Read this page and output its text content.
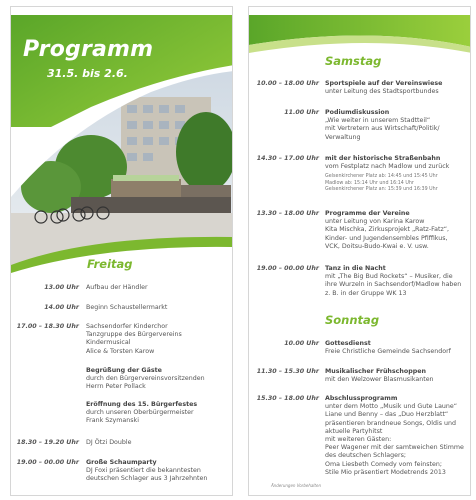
Programm
31.5. bis 2.6.
Freitag
13.00 Uhr Aufbau der Händler
14.00 Uhr Beginn Schaustellermarkt
17.00 – 18.30 Uhr Sachsendorfer Kinderchor
Tanzgruppe des Bürgervereins
Kindermusical
Alice & Torsten Karow
Begrüßung der Gäste
durch den Bürgervereinsvorsitzenden
Herrn Peter Pollack
Eröffnung des 15. Bürgerfestes
durch unseren Oberbürgermeister
Frank Szymanski
18.30 – 19.20 Uhr DJ Ötzi Double
19.00 – 00.00 Uhr Große Schaumparty
DJ Foxi präsentiert die bekanntesten
deutschen Schlager aus 3 Jahrzehnten
Samstag
10.00 – 18.00 Uhr Sportspiele auf der Vereinswiese
unter Leitung des Stadtsportbundes
11.00 Uhr Podiumdiskussion
„Wie weiter in unserem Stadtteil“
mit Vertretern aus Wirtschaft/Politik/
Verwaltung
14.30 – 17.00 Uhr mit der historische Straßenbahn
vom Festplatz nach Madlow und zurück
Gelsenkirchener Platz ab: 14:45 und 15:45 Uhr
Madlow ab: 15:14 Uhr und 16:14 Uhr
Gelsenkirchener Platz an: 15:39 und 16:39 Uhr
13.30 – 18.00 Uhr Programme der Vereine
unter Leitung von Karina Karow
Kita Mischka, Zirkusprojekt „Ratz-Fatz“,
Kinder- und Jugendensembles Pfiffikus,
VCK, Doitsu-Budo-Kwai e. V. usw.
19.00 – 00.00 Uhr Tanz in die Nacht
mit „The Big Bud Rockets“ – Musiker, die
ihre Wurzeln in Sachsendorf/Madlow haben
z. B. in der Gruppe WK 13
Sonntag
10.00 Uhr Gottesdienst
Freie Christliche Gemeinde Sachsendorf
11.30 – 15.30 Uhr Musikalischer Frühschoppen
mit den Welzower Blasmusikanten
15.30 – 18.00 Uhr Abschlussprogramm
unter dem Motto „Musik und Gute Laune“
Liane und Benny – das „Duo Herzblatt“
präsentieren brandneue Songs, Oldis und
aktuelle Partyhitst
mit weiteren Gästen:
Peer Wagener mit der samtweichen Stimme
des deutschen Schlagers;
Oma Liesbeth Comedy vom feinsten;
Stile Mio präsentiert Modetrends 2013
Änderungen Vorbehalten
